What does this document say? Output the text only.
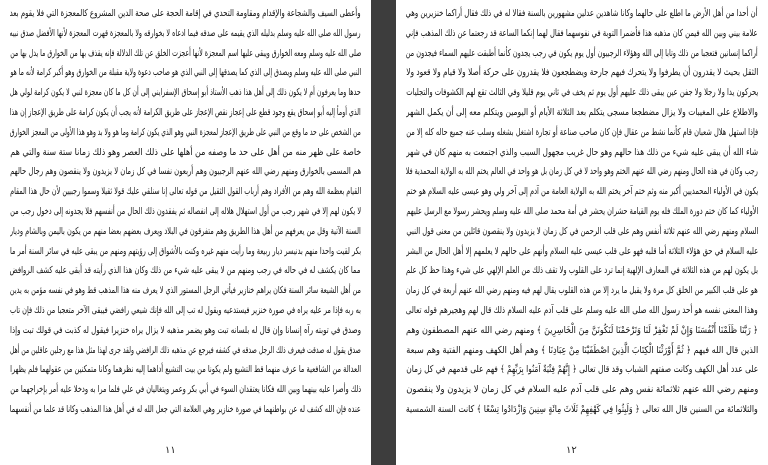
وأعطى السيف والشجاعة والإقدام ومقاومة التحدي في إقامة الحجة على صحة الدين المشروع كالمعجزة التي فلا يقوم بعد
رسول الله صلى الله عليه وسلم بدليله الذي يقيمه على صدقه فيما ادعاه لا بخوارقه ولا بالمعجزة قهرت المعجزة لأنها الأفضل صدق نبيه
صلى الله عليه وسلم ومعه الخوارق ويبقى عليها اسم المعجزة لأنها أعجزت الخلق عن تلك الدلالة فإنه يقذف بها من الخوارق ما يدل بها من
النبي صلى الله عليه وسلم ويصدق إلى الذي كما يصدقها إلى النبي الذي هو صاحب دعوة ولاية مقبلة من الخوارق وهو أكبر كرامة لأنه ما هو
حدها وما يعرفون أم لا يكون ذلك إلى أهل هذا ذهب الأستاذ أبو إسحاق الإسفرايني إلى أن كل ما كان معجزة لنبي لا يكون كرامة لولي هل
الذي أومأ إليه أبو إسحاق يقع وجود قطع على إعجاز نقص الإعجاز على طريق الكرامة لأنه يجب أن يكون كرامة على طريق الإعجاز إن هذا
من الشخص على حد ما وقع من النبي على طريق الإعجاز لمعجزة النبي وهو الذي يكون كرامة وما هو ولا بد وهو هذا الأولى من المعجز الخوارق
خاصة على ظهر منه من أهل على حد ما وصفه من أهلها على ذلك العصر وهو ذلك زمانا ستة سنة والتي هم
هم المسمى بالخوارق ومنهم رضي الله عنهم الرجبيون وهم أربعون نفسا في كل زمان لا يزيدون ولا ينقصون وهم رجال حالهم
القيام بعظمة الله وهم من الأفراد وهم أرباب القول الثقيل من قوله تعالى إنا سنلقي عليك قولا ثقيلا وسموا رجبيين لأن حال هذا المقام
لا يكون لهم إلا في شهر رجب من أول استهلال هلاله إلى انفصاله ثم يفقدون ذلك الحال من أنفسهم فلا يجدونه إلى دخول رجب من
السنة الآتية وقل من يعرفهم من أهل هذا الطريق وهم متفرقون في البلاد ويعرف بعضهم بعضا منهم من يكون باليمن وبالشام وديار
بكر لقيت واحدا منهم بدنيسر ديار ربيعة وما رأيت منهم غيره وكنت بالأشواق إلى رؤيتهم ومنهم من يبقى عليه في سائر السنة أمر ما
مما كان يكشف له في حاله في رجب ومنهم من لا يبقى عليه شيء من ذلك وكان هذا الذي رأيته قد أبقى عليه كشف الروافض
من أهل الشيعة سائر السنة فكان يراهم خنازير فيأتي الرجل المستور الذي لا يعرف منه هذا المذهب قط وهو في نفسه مؤمن به يدين
به ربه فإذا مر عليه يراه في صورة خنزير فيستدعيه ويقول له تب إلى الله فإنك شيعي رافضي فيبقى الآخر متعجبا من ذلك فإن تاب
وصدق في توبته رآه إنسانا وإن قال له بلسانه تبت وهو يضمر مذهبه لا يزال يراه خنزيرا فيقول له كذبت في قولك تبت وإذا
صدق يقول له صدقت فيعرف ذلك الرجل صدقه في كشفه فيرجع عن مذهبه ذلك الرافضي ولقد جرى لهذا مثل هذا مع رجلين عاقلين من أهل
العدالة من الشافعية ما عرف منهما قط التشيع ولم يكونا من بيت التشيع أداهما إليه نظرهما وكانا متمكنين من عقولهما فلم يظهرا
ذلك وأصرا عليه بينهما وبين الله فكانا يعتقدان السوء في أبي بكر وعمر ويتغاليان في علي فلما مرا به ودخلا عليه أمر بإخراجهما من
عنده فإن الله كشف له عن بواطنهما في صورة خنازير وهي العلامة التي جعل الله له في أهل هذا المذهب وكانا قد علما من أنفسهما
١١
أن أحدا من أهل الأرض ما اطلع على حالهما وكانا شاهدين عدلين مشهورين بالسنة فقالا له في ذلك فقال أراكما خنزيرين وهي
علامة بيني وبين الله فيمن كان مذهبه هذا فأضمرا التوبة في نفوسهما فقال لهما إنكما الساعة قد رجعتما عن ذلك المذهب فإني
أراكما إنسانين فتعجبا من ذلك وتابا إلى الله وهؤلاء الرجبيون أول يوم يكون في رجب يجدون كأنما أطبقت عليهم السماء فيجدون من
الثقل بحيث لا يقدرون أن يطرفوا ولا يتحرك فيهم جارحة ويضطجعون فلا يقدرون على حركة أصلا ولا قيام ولا قعود ولا
يحركون يدا ولا رجلا ولا جفن عين يبقى ذلك عليهم أول يوم ثم يخف في ثاني يوم قليلا وفي الثالث تقع لهم الكشوفات والتجليات
والاطلاع على المغيبات ولا يزال مضطجعا مسجى يتكلم بعد الثلاثة الأيام أو اليومين ويتكلم معه إلى أن يكمل الشهر
فإذا استهل هلال شعبان قام كأنما نشط من عقال فإن كان صاحب صناعة أو تجارة اشتغل بشغله وسلب عنه جميع حاله كله إلا من
شاء الله أن يبقى عليه شيء من ذلك هذا حالهم وهو حال غريب مجهول السبب والذي اجتمعت به منهم كان في شهر
رجب وكان في هذه الحال ومنهم رضي الله عنهم الختم وهو واحد لا في كل زمان بل هو واحد في العالم يختم الله به الولاية المحمدية فلا
يكون في الأولياء المحمديين أكبر منه وثم ختم آخر يختم الله به الولاية العامة من آدم إلى آخر ولي وهو عيسى عليه السلام هو ختم
الأولياء كما كان ختم دورة الملك فله يوم القيامة حشران يحشر في أمة محمد صلى الله عليه وسلم ويحشر رسولا مع الرسل عليهم
السلام ومنهم رضي الله عنهم ثلاثة أنفس وهم على قلب الرحمن في كل زمان لا يزيدون ولا ينقصون قائلين من معنى قول النبي
عليه السلام في حق هؤلاء الثلاثة أما قلبه فهو على قلب عيسى عليه السلام وأنهم على حالهم لا يعلمهم إلا أهل الحال من البشر
بل يكون لهم من هذه الثلاثة في المعارف الإلهية إنما ترد على القلوب ولا تقف ذلك من العلم الإلهي على شيء وهذا حظ كل علم
هو على قلب الكبير من الخلق كل مرة ولا يقبل ما يرد إلا من هذه القلوب يقال لهم فيه ومنهم رضي الله عنهم أربعة في كل زمان
وهذا المعنى نفسه هو أحد رسول الله صلى الله عليه وسلم على قلب آدم عليه السلام ذلك قال لهم وهجيرهم قوله تعالى
﴿ رَبَّنَا ظَلَمْنَا أَنْفُسَنَا وَإِنْ لَمْ تَغْفِرْ لَنَا وَتَرْحَمْنَا لَنَكُونَنَّ مِنَ الْخَاسِرِينَ ﴾ ومنهم رضي الله عنهم المصطفون وهم
الذين قال الله فيهم ﴿ ثُمَّ أَوْرَثْنَا الْكِتَابَ الَّذِينَ اصْطَفَيْنَا مِنْ عِبَادِنَا ﴾ وهم أهل الكهف ومنهم الفتية وهم سبعة
على عدد أهل الكهف وكانت صفتهم الشباب وقد قال تعالى ﴿ إِنَّهُمْ فِتْيَةٌ آمَنُوا بِرَبِّهِمْ ﴾ فهم على قدمهم في كل زمان
ومنهم رضي الله عنهم ثلاثمائة نفس وهم على قلب آدم عليه السلام في كل زمان لا يزيدون ولا ينقصون
والثلاثمائة من السنين قال الله تعالى ﴿ وَلَبِثُوا فِي كَهْفِهِمْ ثَلَاثَ مِائَةٍ سِنِينَ وَازْدَادُوا تِسْعًا ﴾ كانت السنة الشمسية
١٢
